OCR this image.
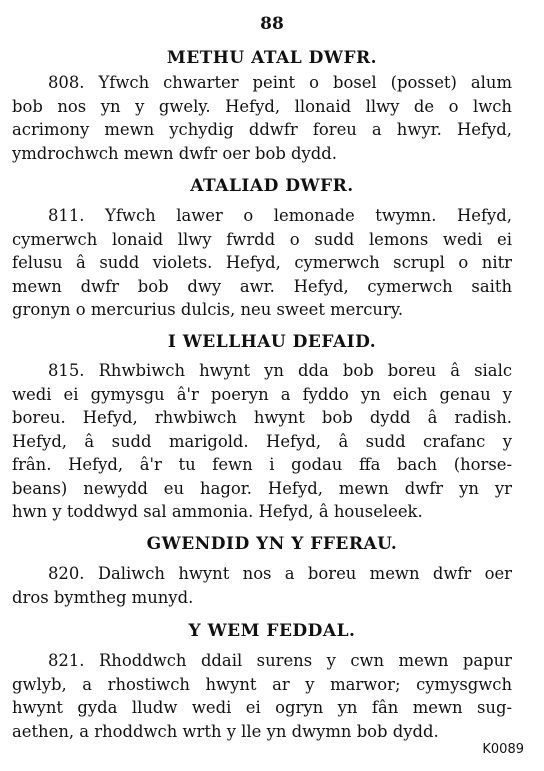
88
METHU ATAL DWFR.
808. Yfwch chwarter peint o bosel (posset) alum
bob nos yn y gwely. Hefyd, llonaid llwy de o lwch
acrimony mewn ychydig ddwfr foreu a hwyr. Hefyd,
ymdrochwch mewn dwfr oer bob dydd.
ATALIAD DWFR.
811. Yfwch lawer o lemonade twymn. Hefyd,
cymerwch lonaid llwy fwrdd o sudd lemons wedi ei
felusu â sudd violets. Hefyd, cymerwch scrupl o nitr
mewn dwfr bob dwy awr. Hefyd, cymerwch saith
gronyn o mercurius dulcis, neu sweet mercury.
I WELLHAU DEFAID.
815. Rhwbiwch hwynt yn dda bob boreu â sialc
wedi ei gymysgu â'r poeryn a fyddo yn eich genau y
boreu. Hefyd, rhwbiwch hwynt bob dydd â radish.
Hefyd, â sudd marigold. Hefyd, â sudd crafanc y
frân. Hefyd, â'r tu fewn i godau ffa bach (horse-
beans) newydd eu hagor. Hefyd, mewn dwfr yn yr
hwn y toddwyd sal ammonia. Hefyd, â houseleek.
GWENDID YN Y FFERAU.
820. Daliwch hwynt nos a boreu mewn dwfr oer
dros bymtheg munyd.
Y WEM FEDDAL.
821. Rhoddwch ddail surens y cwn mewn papur
gwlyb, a rhostiwch hwynt ar y marwor; cymysgwch
hwynt gyda lludw wedi ei ogryn yn fân mewn sug-
aethen, a rhoddwch wrth y lle yn dwymn bob dydd.
K0089
